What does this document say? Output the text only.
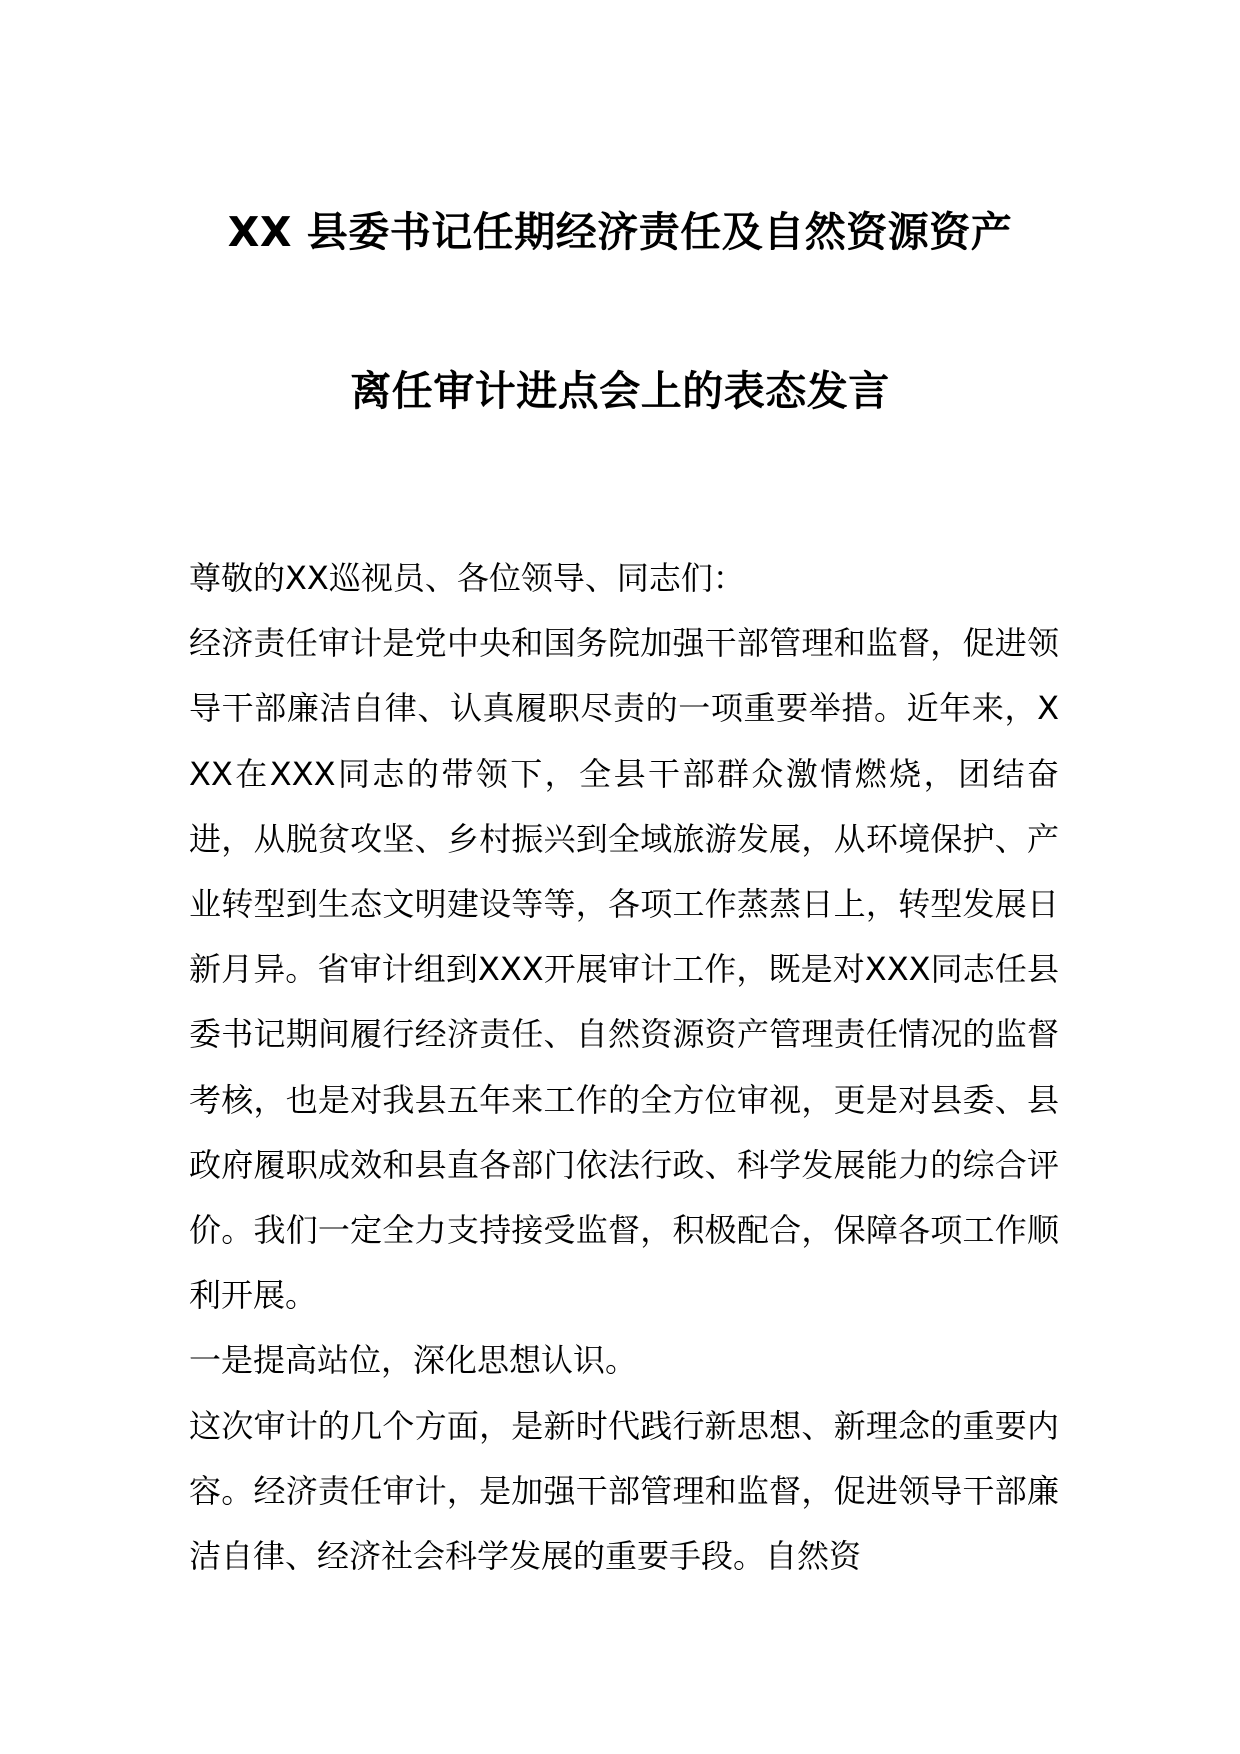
XX 县委书记任期经济责任及自然资源资产
离任审计进点会上的表态发言

尊敬的XX巡视员、各位领导、同志们：

经济责任审计是党中央和国务院加强干部管理和监督，促进领导干部廉洁自律、认真履职尽责的一项重要举措。近年来，XXX在XXX同志的带领下，全县干部群众激情燃烧，团结奋进，从脱贫攻坚、乡村振兴到全域旅游发展，从环境保护、产业转型到生态文明建设等等，各项工作蒸蒸日上，转型发展日新月异。省审计组到XXX开展审计工作，既是对XXX同志任县委书记期间履行经济责任、自然资源资产管理责任情况的监督考核，也是对我县五年来工作的全方位审视，更是对县委、县政府履职成效和县直各部门依法行政、科学发展能力的综合评价。我们一定全力支持接受监督，积极配合，保障各项工作顺利开展。

一是提高站位，深化思想认识。

这次审计的几个方面，是新时代践行新思想、新理念的重要内容。经济责任审计，是加强干部管理和监督，促进领导干部廉洁自律、经济社会科学发展的重要手段。自然资
